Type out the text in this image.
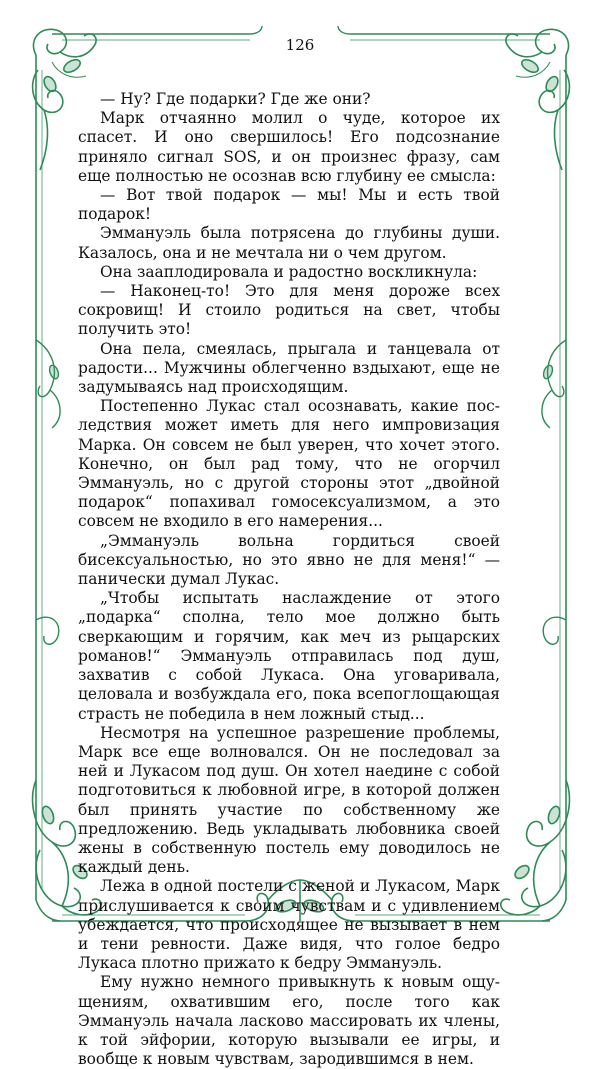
126

— Ну? Где подарки? Где же они?

Марк отчаянно молил о чуде, которое их спасет. И оно свершилось! Его подсознание приняло сигнал SOS, и он произнес фразу, сам еще полностью не осознав всю глубину ее смысла:

— Вот твой подарок — мы! Мы и есть твой подарок!

Эммануэль была потрясена до глубины души. Казалось, она и не мечтала ни о чем другом.

Она зааплодировала и радостно воскликнула:

— Наконец-то! Это для меня дороже всех сокровищ! И стоило родиться на свет, чтобы получить это!

Она пела, смеялась, прыгала и танцевала от радости... Мужчины облегченно вздыхают, еще не задумываясь над происходящим.

Постепенно Лукас стал осознавать, какие последствия может иметь для него импровизация Марка. Он совсем не был уверен, что хочет этого. Конечно, он был рад тому, что не огорчил Эммануэль, но с другой стороны этот „двойной подарок“ попахивал гомосексуализмом, а это совсем не входило в его намерения...

„Эммануэль вольна гордиться своей бисексуальностью, но это явно не для меня!“ — панически думал Лукас.

„Чтобы испытать наслаждение от этого „подарка“ сполна, тело мое должно быть сверкающим и горячим, как меч из рыцарских романов!“ Эммануэль отправилась под душ, захватив с собой Лукаса. Она уговаривала, целовала и возбуждала его, пока всепоглощающая страсть не победила в нем ложный стыд...

Несмотря на успешное разрешение проблемы, Марк все еще волновался. Он не последовал за ней и Лукасом под душ. Он хотел наедине с собой подготовиться к любовной игре, в которой должен был принять участие по собственному же предложению. Ведь укладывать любовника своей жены в собственную постель ему доводилось не каждый день.

Лежа в одной постели с женой и Лукасом, Марк прислушивается к своим чувствам и с удивлением убеждается, что происходящее не вызывает в нем и тени ревности. Даже видя, что голое бедро Лукаса плотно прижато к бедру Эммануэль.

Ему нужно немного привыкнуть к новым ощущениям, охватившим его, после того как Эммануэль начала ласково массировать их члены, к той эйфории, которую вызывали ее игры, и вообще к новым чувствам, зародившимся в нем.
